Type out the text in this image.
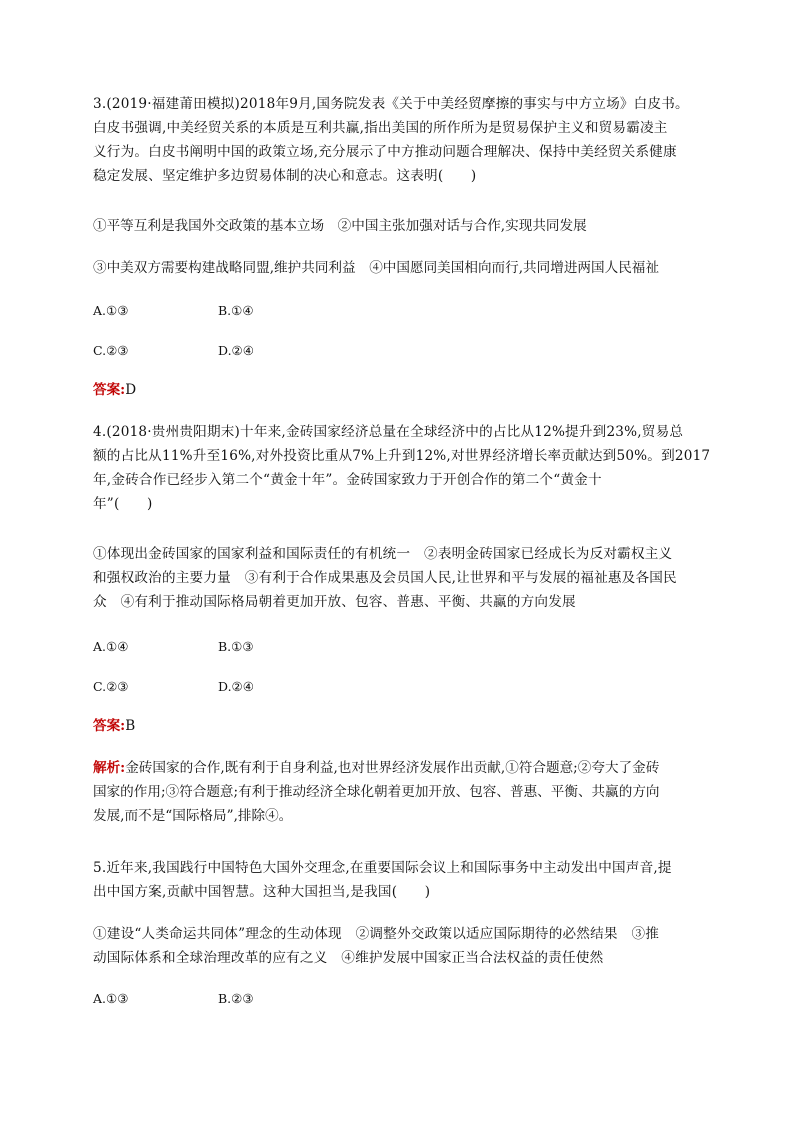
3.(2019·福建莆田模拟)2018年9月,国务院发表《关于中美经贸摩擦的事实与中方立场》白皮书。
白皮书强调,中美经贸关系的本质是互利共赢,指出美国的所作所为是贸易保护主义和贸易霸凌主
义行为。白皮书阐明中国的政策立场,充分展示了中方推动问题合理解决、保持中美经贸关系健康
稳定发展、坚定维护多边贸易体制的决心和意志。这表明(　　)
①平等互利是我国外交政策的基本立场　②中国主张加强对话与合作,实现共同发展
③中美双方需要构建战略同盟,维护共同利益　④中国愿同美国相向而行,共同增进两国人民福祉
A.①③	B.①④
C.②③	D.②④
答案:D
4.(2018·贵州贵阳期末)十年来,金砖国家经济总量在全球经济中的占比从12%提升到23%,贸易总
额的占比从11%升至16%,对外投资比重从7%上升到12%,对世界经济增长率贡献达到50%。到2017
年,金砖合作已经步入第二个“黄金十年”。金砖国家致力于开创合作的第二个“黄金十
年”(　　)
①体现出金砖国家的国家利益和国际责任的有机统一　②表明金砖国家已经成长为反对霸权主义
和强权政治的主要力量　③有利于合作成果惠及会员国人民,让世界和平与发展的福祉惠及各国民
众　④有利于推动国际格局朝着更加开放、包容、普惠、平衡、共赢的方向发展
A.①④	B.①③
C.②③	D.②④
答案:B
解析:金砖国家的合作,既有利于自身利益,也对世界经济发展作出贡献,①符合题意;②夸大了金砖
国家的作用;③符合题意;有利于推动经济全球化朝着更加开放、包容、普惠、平衡、共赢的方向
发展,而不是“国际格局”,排除④。
5.近年来,我国践行中国特色大国外交理念,在重要国际会议上和国际事务中主动发出中国声音,提
出中国方案,贡献中国智慧。这种大国担当,是我国(　　)
①建设“人类命运共同体”理念的生动体现　②调整外交政策以适应国际期待的必然结果　③推
动国际体系和全球治理改革的应有之义　④维护发展中国家正当合法权益的责任使然
A.①③	B.②③
